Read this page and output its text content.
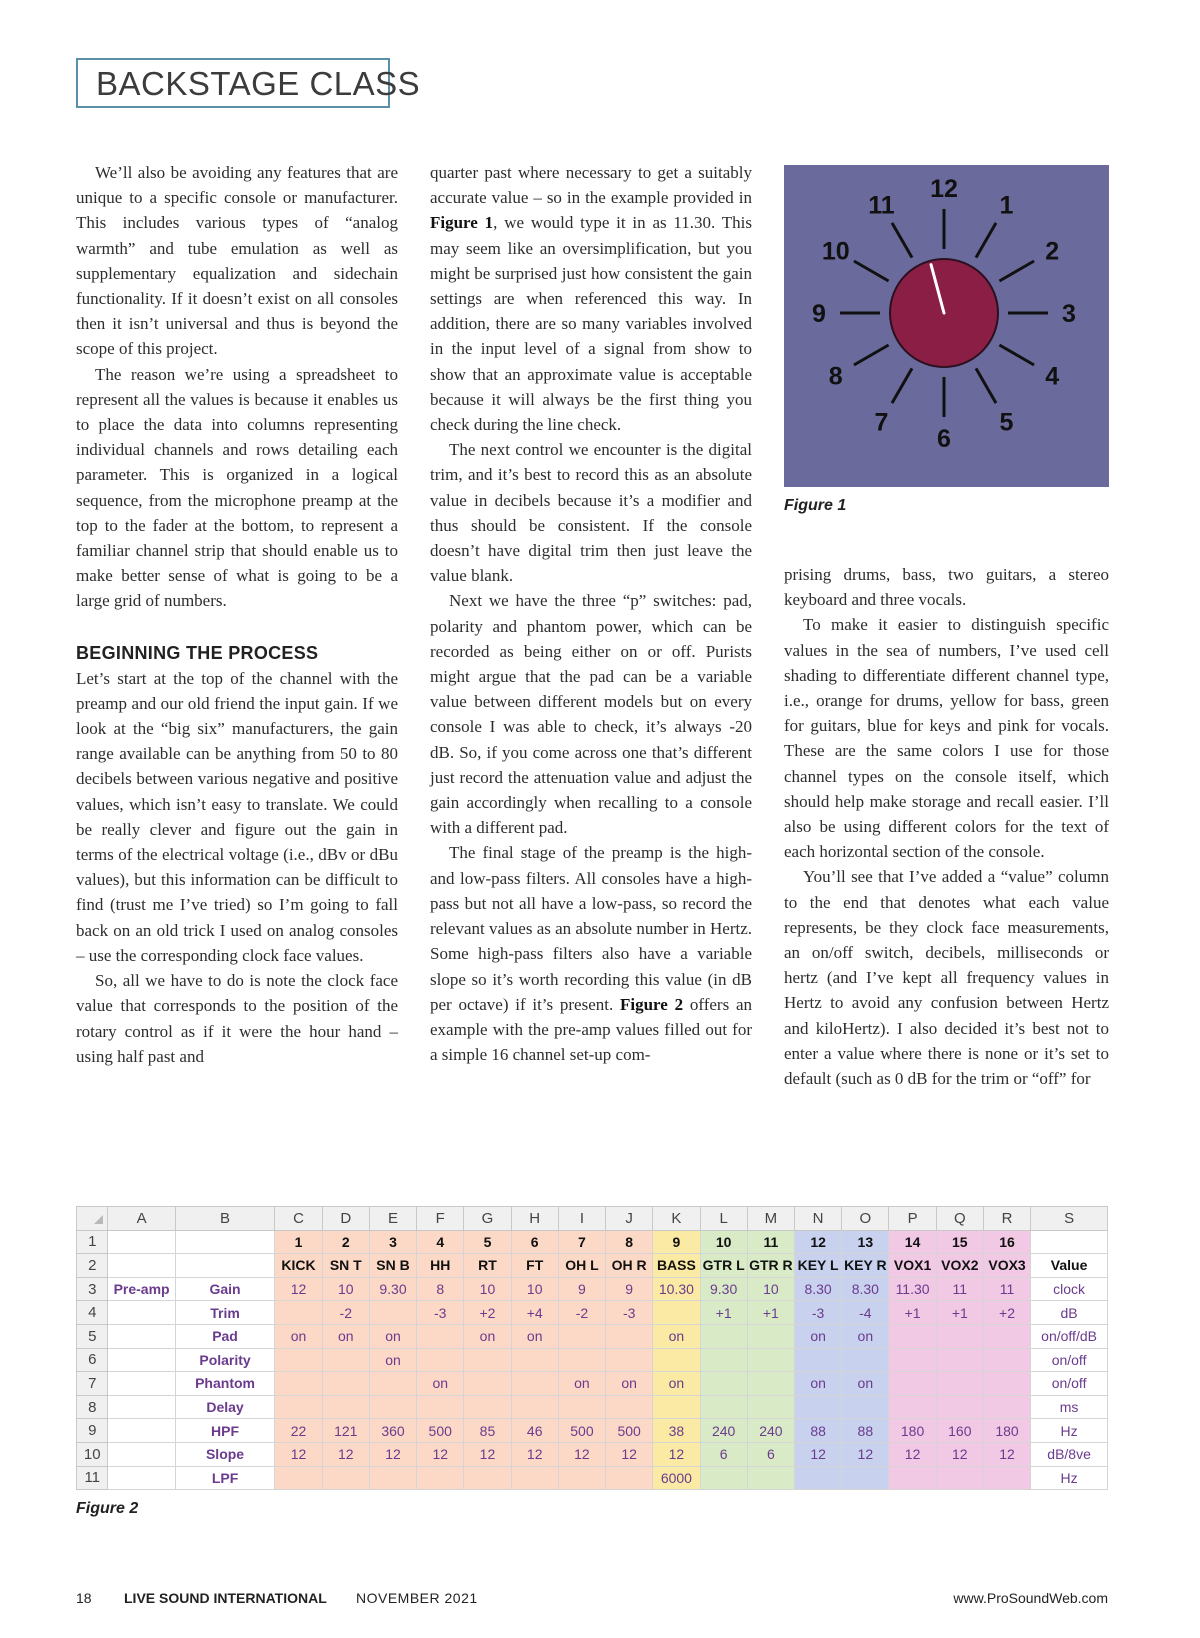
BACKSTAGE CLASS

We’ll also be avoiding any features that are unique to a specific console or manufacturer. This includes various types of “analog warmth” and tube emulation as well as supplementary equalization and sidechain functionality. If it doesn’t exist on all consoles then it isn’t universal and thus is beyond the scope of this project.

The reason we’re using a spreadsheet to represent all the values is because it enables us to place the data into columns representing individual channels and rows detailing each parameter. This is organized in a logical sequence, from the microphone preamp at the top to the fader at the bottom, to represent a familiar channel strip that should enable us to make better sense of what is going to be a large grid of numbers.

BEGINNING THE PROCESS

Let’s start at the top of the channel with the preamp and our old friend the input gain. If we look at the “big six” manufacturers, the gain range available can be anything from 50 to 80 decibels between various negative and positive values, which isn’t easy to translate. We could be really clever and figure out the gain in terms of the electrical voltage (i.e., dBv or dBu values), but this information can be difficult to find (trust me I’ve tried) so I’m going to fall back on an old trick I used on analog consoles – use the corresponding clock face values.

So, all we have to do is note the clock face value that corresponds to the position of the rotary control as if it were the hour hand – using half past and

quarter past where necessary to get a suitably accurate value – so in the example provided in Figure 1, we would type it in as 11.30. This may seem like an oversimplification, but you might be surprised just how consistent the gain settings are when referenced this way. In addition, there are so many variables involved in the input level of a signal from show to show that an approximate value is acceptable because it will always be the first thing you check during the line check.

The next control we encounter is the digital trim, and it’s best to record this as an absolute value in decibels because it’s a modifier and thus should be consistent. If the console doesn’t have digital trim then just leave the value blank.

Next we have the three “p” switches: pad, polarity and phantom power, which can be recorded as being either on or off. Purists might argue that the pad can be a variable value between different models but on every console I was able to check, it’s always -20 dB. So, if you come across one that’s different just record the attenuation value and adjust the gain accordingly when recalling to a console with a different pad.

The final stage of the preamp is the high- and low-pass filters. All consoles have a high-pass but not all have a low-pass, so record the relevant values as an absolute number in Hertz. Some high-pass filters also have a variable slope so it’s worth recording this value (in dB per octave) if it’s present. Figure 2 offers an example with the pre-amp values filled out for a simple 16 channel set-up com-

12
1
2
3
4
5
6
7
8
9
10
11
Figure 1

prising drums, bass, two guitars, a stereo keyboard and three vocals.

To make it easier to distinguish specific values in the sea of numbers, I’ve used cell shading to differentiate different channel type, i.e., orange for drums, yellow for bass, green for guitars, blue for keys and pink for vocals. These are the same colors I use for those channel types on the console itself, which should help make storage and recall easier. I’ll also be using different colors for the text of each horizontal section of the console.

You’ll see that I’ve added a “value” column to the end that denotes what each value represents, be they clock face measurements, an on/off switch, decibels, milliseconds or hertz (and I’ve kept all frequency values in Hertz to avoid any confusion between Hertz and kiloHertz). I also decided it’s best not to enter a value where there is none or it’s set to default (such as 0 dB for the trim or “off” for

	A	B	C	D	E	F	G	H	I	J	K	L	M	N	O	P	Q	R	S
1			1	2	3	4	5	6	7	8	9	10	11	12	13	14	15	16	
2			KICK	SN T	SN B	HH	RT	FT	OH L	OH R	BASS	GTR L	GTR R	KEY L	KEY R	VOX1	VOX2	VOX3	Value
3	Pre-amp	Gain	12	10	9.30	8	10	10	9	9	10.30	9.30	10	8.30	8.30	11.30	11	11	clock
4		Trim		-2		-3	+2	+4	-2	-3		+1	+1	-3	-4	+1	+1	+2	dB
5		Pad	on	on	on		on	on			on			on	on				on/off/dB
6		Polarity			on														on/off
7		Phantom				on			on	on	on			on	on				on/off
8		Delay																	ms
9		HPF	22	121	360	500	85	46	500	500	38	240	240	88	88	180	160	180	Hz
10		Slope	12	12	12	12	12	12	12	12	12	6	6	12	12	12	12	12	dB/8ve
11		LPF									6000								Hz
Figure 2
18 LIVE SOUND INTERNATIONAL NOVEMBER 2021	www.ProSoundWeb.com
